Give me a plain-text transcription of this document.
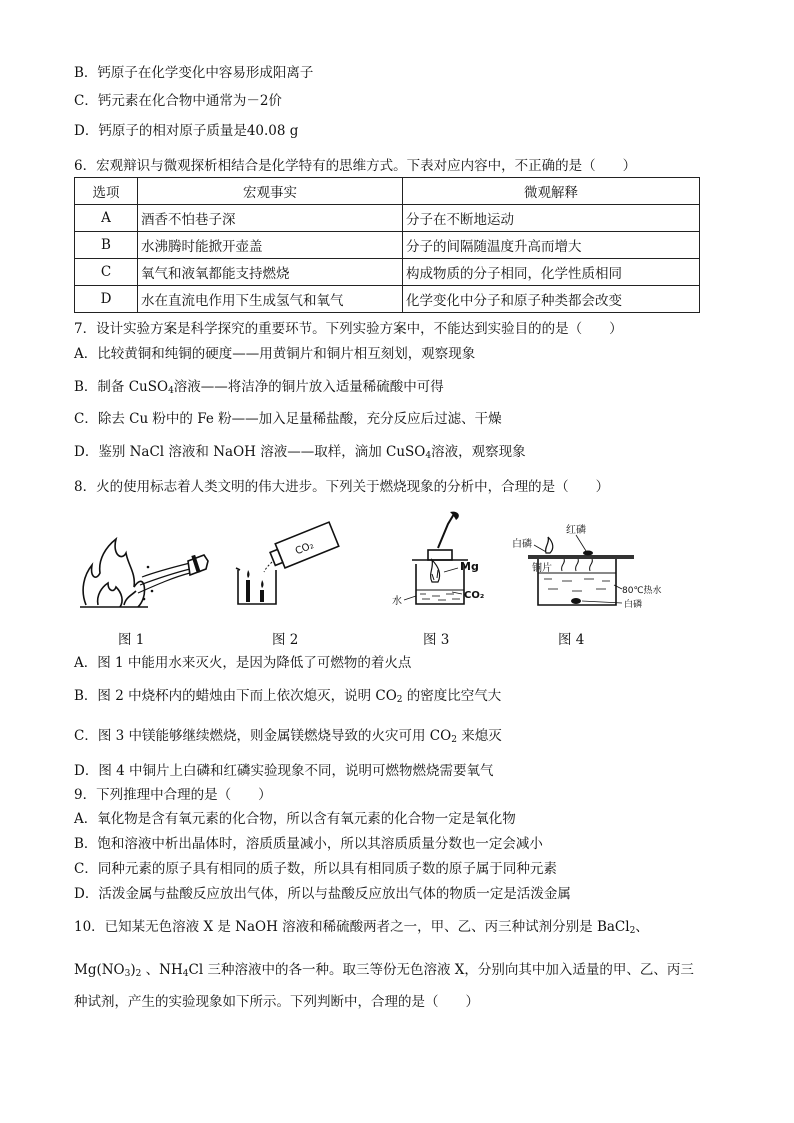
B．钙原子在化学变化中容易形成阳离子
C．钙元素在化合物中通常为－2价
D．钙原子的相对原子质量是40.08 g
6．宏观辩识与微观探析相结合是化学特有的思维方式。下表对应内容中，不正确的是（　　）
选项	宏观事实	微观解释
A	酒香不怕巷子深	分子在不断地运动
B	水沸腾时能掀开壶盖	分子的间隔随温度升高而增大
C	氧气和液氧都能支持燃烧	构成物质的分子相同，化学性质相同
D	水在直流电作用下生成氢气和氧气	化学变化中分子和原子种类都会改变
7．设计实验方案是科学探究的重要环节。下列实验方案中，不能达到实验目的的是（　　）
A．比较黄铜和纯铜的硬度——用黄铜片和铜片相互刻划，观察现象
B．制备 CuSO$_4$溶液——将洁净的铜片放入适量稀硫酸中可得
C．除去 Cu 粉中的 Fe 粉——加入足量稀盐酸，充分反应后过滤、干燥
D．鉴别 NaCl 溶液和 NaOH 溶液——取样，滴加 CuSO$_4$溶液，观察现象
8．火的使用标志着人类文明的伟大进步。下列关于燃烧现象的分析中，合理的是（　　）
CO₂
Mg
CO₂
水
红磷
白磷
铜片
80℃热水
白磷
图 1	图 2	图 3	图 4
A．图 1 中能用水来灭火，是因为降低了可燃物的着火点
B．图 2 中烧杯内的蜡烛由下而上依次熄灭，说明 $CO_2$ 的密度比空气大
C．图 3 中镁能够继续燃烧，则金属镁燃烧导致的火灾可用 $CO_2$ 来熄灭
D．图 4 中铜片上白磷和红磷实验现象不同，说明可燃物燃烧需要氧气
9．下列推理中合理的是（　　）
A．氧化物是含有氧元素的化合物，所以含有氧元素的化合物一定是氧化物
B．饱和溶液中析出晶体时，溶质质量减小，所以其溶质质量分数也一定会减小
C．同种元素的原子具有相同的质子数，所以具有相同质子数的原子属于同种元素
D．活泼金属与盐酸反应放出气体，所以与盐酸反应放出气体的物质一定是活泼金属
10．已知某无色溶液 X 是 NaOH 溶液和稀硫酸两者之一，甲、乙、丙三种试剂分别是 BaCl$_2$、
$Mg(NO_3)_2$ 、$NH_4Cl$ 三种溶液中的各一种。取三等份无色溶液 X，分别向其中加入适量的甲、乙、丙三
种试剂，产生的实验现象如下所示。下列判断中，合理的是（　　）
